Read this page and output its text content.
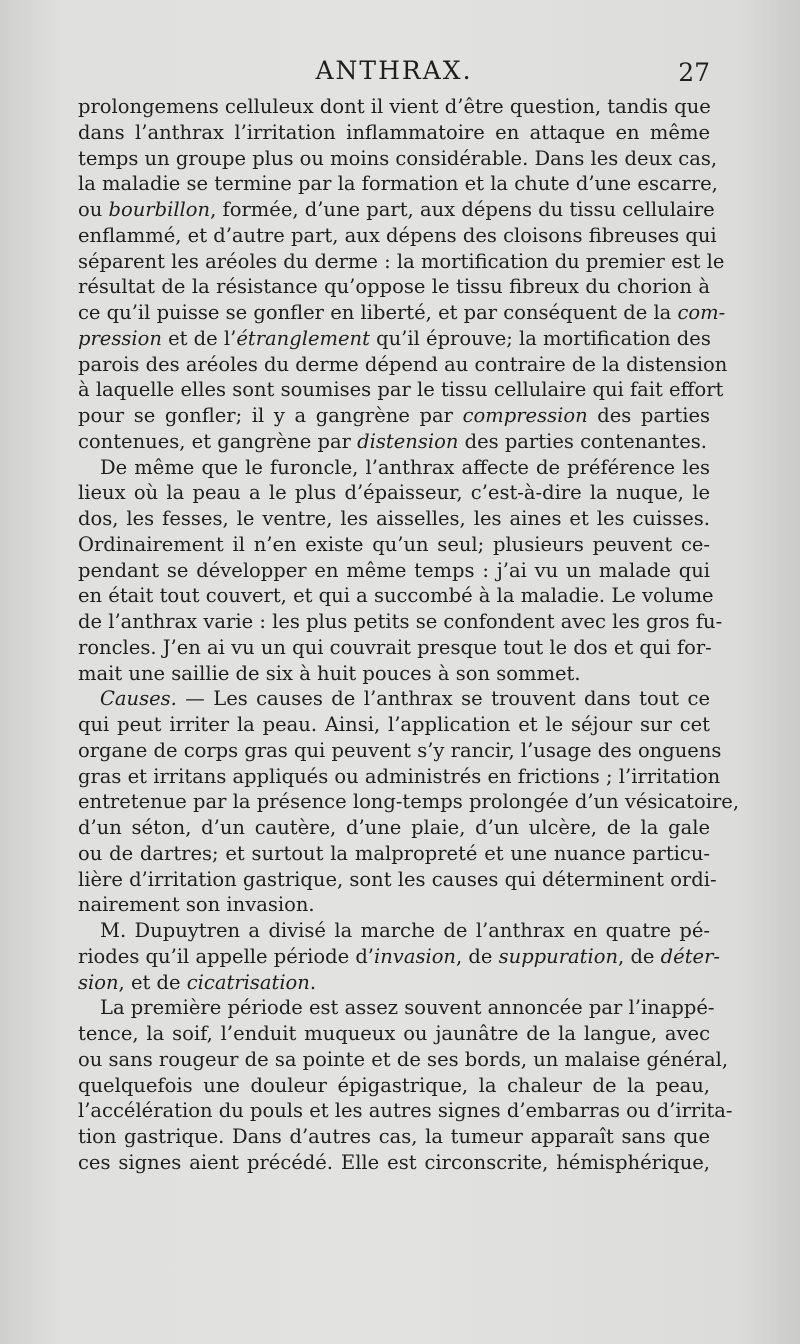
ANTHRAX.	27
prolongemens celluleux dont il vient d’être question, tandis que
dans l’anthrax l’irritation inflammatoire en attaque en même
temps un groupe plus ou moins considérable. Dans les deux cas,
la maladie se termine par la formation et la chute d’une escarre,
ou bourbillon, formée, d’une part, aux dépens du tissu cellulaire
enflammé, et d’autre part, aux dépens des cloisons fibreuses qui
séparent les aréoles du derme : la mortification du premier est le
résultat de la résistance qu’oppose le tissu fibreux du chorion à
ce qu’il puisse se gonfler en liberté, et par conséquent de la com-
pression et de l’étranglement qu’il éprouve; la mortification des
parois des aréoles du derme dépend au contraire de la distension
à laquelle elles sont soumises par le tissu cellulaire qui fait effort
pour se gonfler; il y a gangrène par compression des parties
contenues, et gangrène par distension des parties contenantes.
De même que le furoncle, l’anthrax affecte de préférence les
lieux où la peau a le plus d’épaisseur, c’est-à-dire la nuque, le
dos, les fesses, le ventre, les aisselles, les aines et les cuisses.
Ordinairement il n’en existe qu’un seul; plusieurs peuvent ce-
pendant se développer en même temps : j’ai vu un malade qui
en était tout couvert, et qui a succombé à la maladie. Le volume
de l’anthrax varie : les plus petits se confondent avec les gros fu-
roncles. J’en ai vu un qui couvrait presque tout le dos et qui for-
mait une saillie de six à huit pouces à son sommet.
Causes. — Les causes de l’anthrax se trouvent dans tout ce
qui peut irriter la peau. Ainsi, l’application et le séjour sur cet
organe de corps gras qui peuvent s’y rancir, l’usage des onguens
gras et irritans appliqués ou administrés en frictions ; l’irritation
entretenue par la présence long-temps prolongée d’un vésicatoire,
d’un séton, d’un cautère, d’une plaie, d’un ulcère, de la gale
ou de dartres; et surtout la malpropreté et une nuance particu-
lière d’irritation gastrique, sont les causes qui déterminent ordi-
nairement son invasion.
M. Dupuytren a divisé la marche de l’anthrax en quatre pé-
riodes qu’il appelle période d’invasion, de suppuration, de déter-
sion, et de cicatrisation.
La première période est assez souvent annoncée par l’inappé-
tence, la soif, l’enduit muqueux ou jaunâtre de la langue, avec
ou sans rougeur de sa pointe et de ses bords, un malaise général,
quelquefois une douleur épigastrique, la chaleur de la peau,
l’accélération du pouls et les autres signes d’embarras ou d’irrita-
tion gastrique. Dans d’autres cas, la tumeur apparaît sans que
ces signes aient précédé. Elle est circonscrite, hémisphérique,
